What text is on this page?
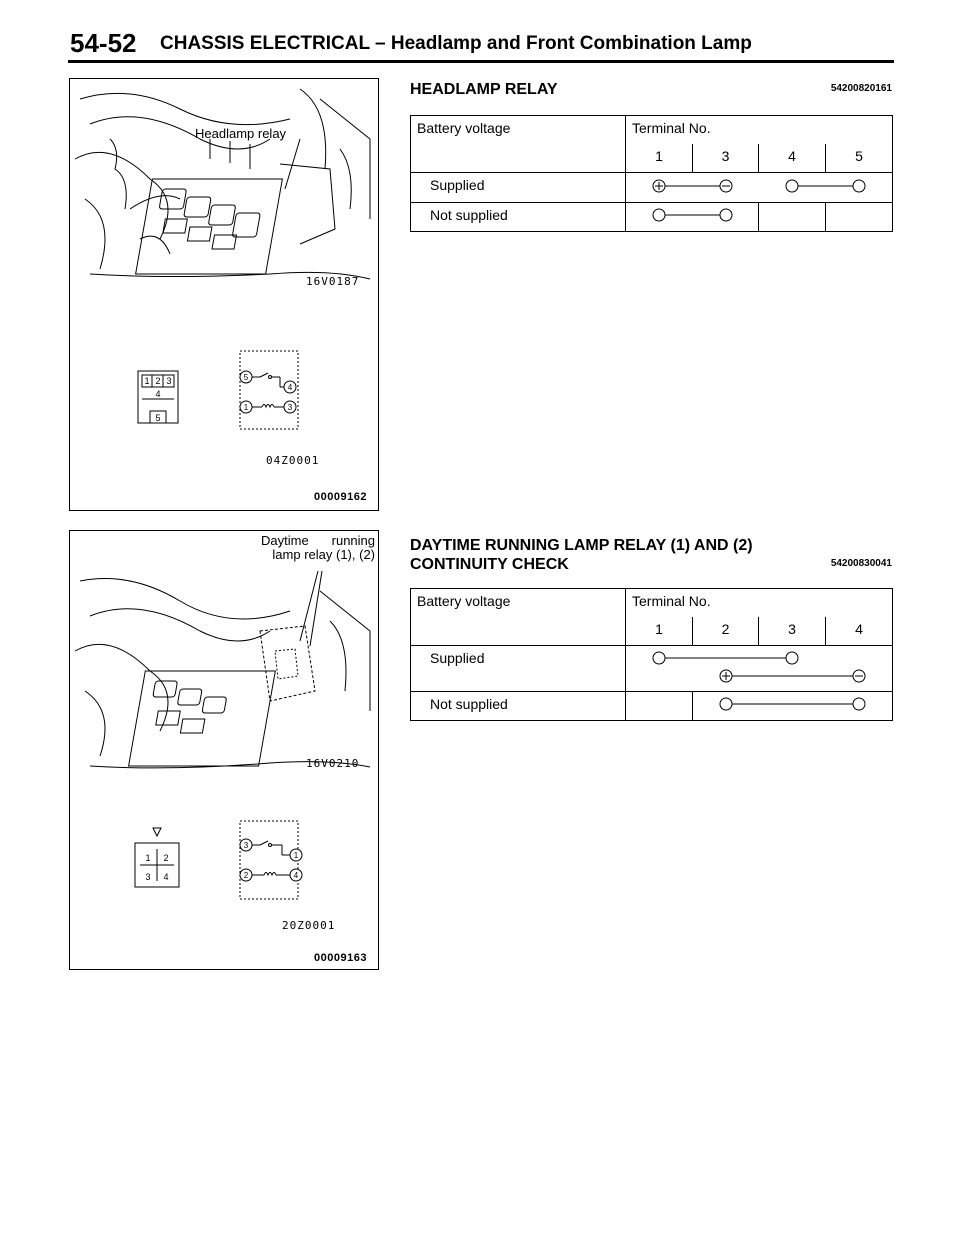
54-52 CHASSIS ELECTRICAL – Headlamp and Front Combination Lamp
1 2 3
4
5
5
4
1	3
Headlamp relay
16V0187
04Z0001
00009162
1 2
3 4
3
1
2	4
Daytime running
lamp relay (1), (2)
16V0210
20Z0001
00009163
HEADLAMP RELAY	54200820161
Battery voltage	Terminal No.			
	1	3	4	5
Supplied	
Not supplied			
DAYTIME RUNNING LAMP RELAY (1) AND (2)
CONTINUITY CHECK	54200830041
Battery voltage	Terminal No.			
	1	2	3	4
Supplied	
Not supplied		
